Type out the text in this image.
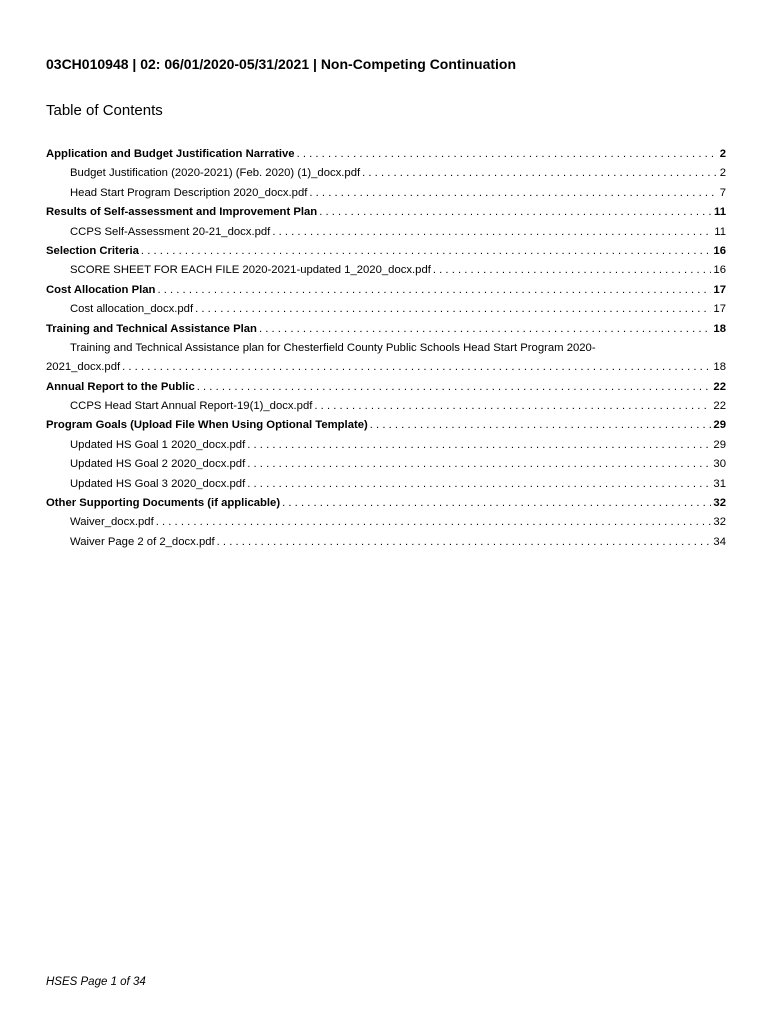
03CH010948 | 02: 06/01/2020-05/31/2021 | Non-Competing Continuation
Table of Contents
Application and Budget Justification Narrative . . .	2
Budget Justification (2020-2021) (Feb. 2020) (1)_docx.pdf . . .	2
Head Start Program Description 2020_docx.pdf . . .	7
Results of Self-assessment and Improvement Plan . . .	11
CCPS Self-Assessment 20-21_docx.pdf . . .	11
Selection Criteria . . .	16
SCORE SHEET FOR EACH FILE 2020-2021-updated 1_2020_docx.pdf . . .	16
Cost Allocation Plan . . .	17
Cost allocation_docx.pdf . . .	17
Training and Technical Assistance Plan . . .	18
Training and Technical Assistance plan for Chesterfield County Public Schools Head Start Program 2020-
2021_docx.pdf . . .	18
Annual Report to the Public . . .	22
CCPS Head Start Annual Report-19(1)_docx.pdf . . .	22
Program Goals (Upload File When Using Optional Template) . . .	29
Updated HS Goal 1 2020_docx.pdf . . .	29
Updated HS Goal 2 2020_docx.pdf . . .	30
Updated HS Goal 3 2020_docx.pdf . . .	31
Other Supporting Documents (if applicable) . . .	32
Waiver_docx.pdf . . .	32
Waiver Page 2 of 2_docx.pdf . . .	34
HSES Page 1 of 34
